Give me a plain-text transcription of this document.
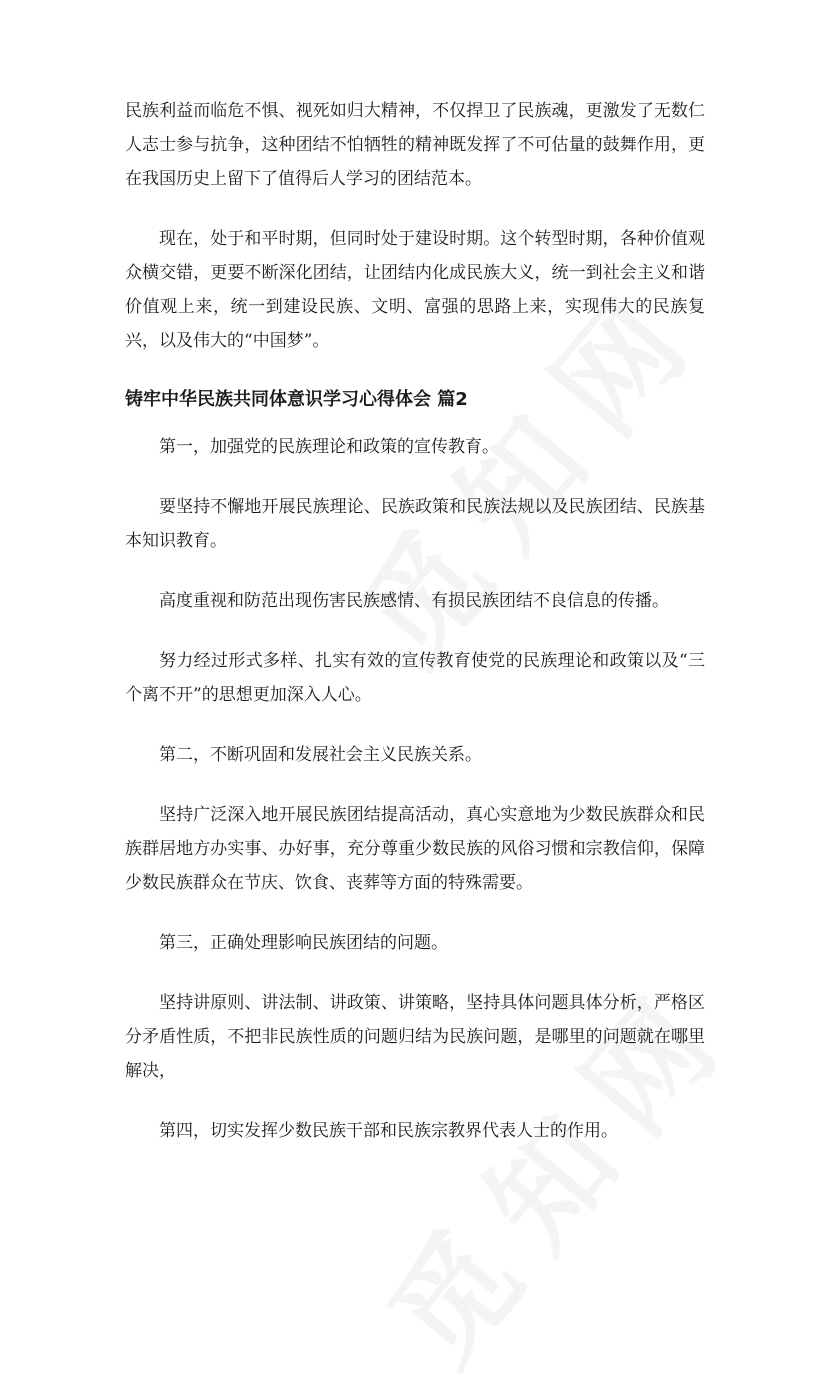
民族利益而临危不惧、视死如归大精神，不仅捍卫了民族魂，更激发了无数仁人志士参与抗争，这种团结不怕牺牲的精神既发挥了不可估量的鼓舞作用，更在我国历史上留下了值得后人学习的团结范本。

现在，处于和平时期，但同时处于建设时期。这个转型时期，各种价值观众横交错，更要不断深化团结，让团结内化成民族大义，统一到社会主义和谐价值观上来，统一到建设民族、文明、富强的思路上来，实现伟大的民族复兴，以及伟大的“中国梦”。

铸牢中华民族共同体意识学习心得体会 篇2

第一，加强党的民族理论和政策的宣传教育。

要坚持不懈地开展民族理论、民族政策和民族法规以及民族团结、民族基本知识教育。

高度重视和防范出现伤害民族感情、有损民族团结不良信息的传播。

努力经过形式多样、扎实有效的宣传教育使党的民族理论和政策以及“三个离不开”的思想更加深入人心。

第二，不断巩固和发展社会主义民族关系。

坚持广泛深入地开展民族团结提高活动，真心实意地为少数民族群众和民族群居地方办实事、办好事，充分尊重少数民族的风俗习惯和宗教信仰，保障少数民族群众在节庆、饮食、丧葬等方面的特殊需要。

第三，正确处理影响民族团结的问题。

坚持讲原则、讲法制、讲政策、讲策略，坚持具体问题具体分析，严格区分矛盾性质，不把非民族性质的问题归结为民族问题，是哪里的问题就在哪里解决，

第四，切实发挥少数民族干部和民族宗教界代表人士的作用。
